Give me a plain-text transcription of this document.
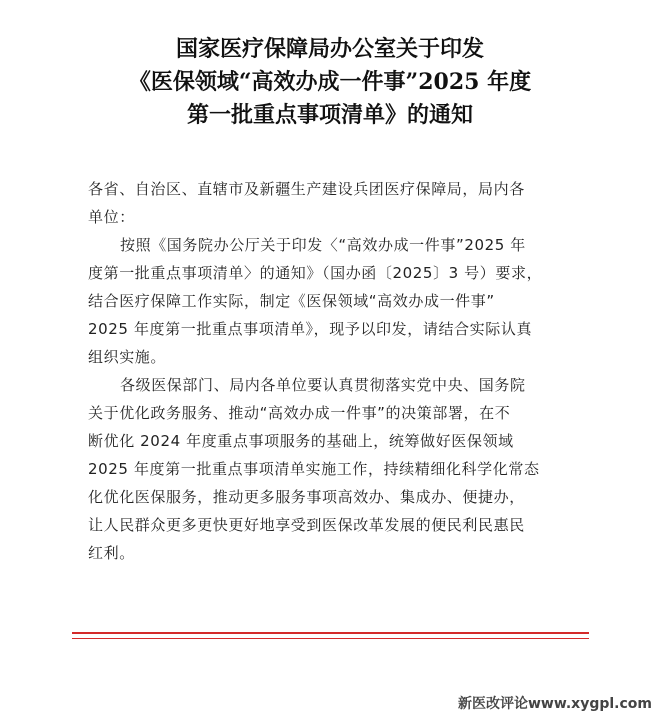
国家医疗保障局办公室关于印发
《医保领域“高效办成一件事”2025 年度
第一批重点事项清单》的通知
各省、自治区、直辖市及新疆生产建设兵团医疗保障局，局内各
单位：
按照《国务院办公厅关于印发〈“高效办成一件事”2025 年
度第一批重点事项清单〉的通知》（国办函〔2025〕3 号）要求，
结合医疗保障工作实际，制定《医保领域“高效办成一件事”
2025 年度第一批重点事项清单》，现予以印发，请结合实际认真
组织实施。
各级医保部门、局内各单位要认真贯彻落实党中央、国务院
关于优化政务服务、推动“高效办成一件事”的决策部署，在不
断优化 2024 年度重点事项服务的基础上，统筹做好医保领域
2025 年度第一批重点事项清单实施工作，持续精细化科学化常态
化优化医保服务，推动更多服务事项高效办、集成办、便捷办，
让人民群众更多更快更好地享受到医保改革发展的便民利民惠民
红利。
新医改评论www.xygpl.com
